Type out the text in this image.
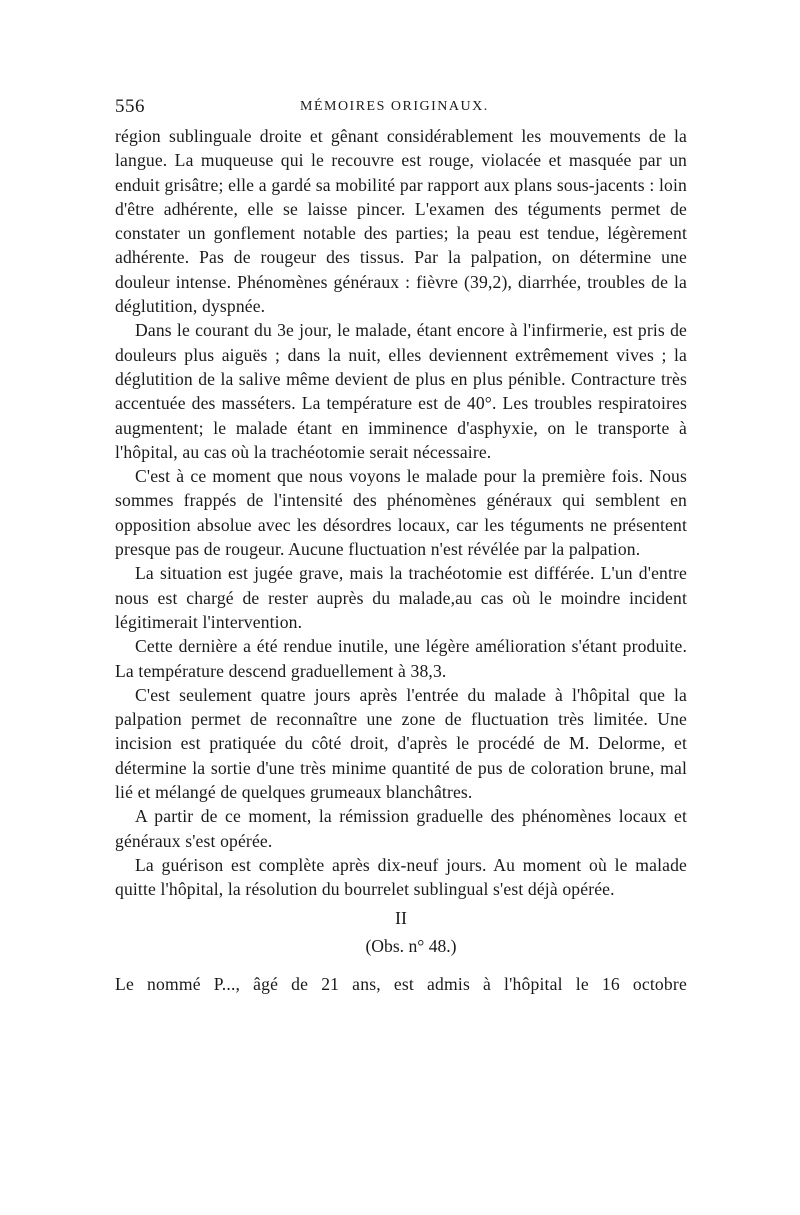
556	MÉMOIRES ORIGINAUX.

région sublinguale droite et gênant considérablement les mouvements de la langue. La muqueuse qui le recouvre est rouge, violacée et masquée par un enduit grisâtre; elle a gardé sa mobilité par rapport aux plans sous-jacents : loin d'être adhérente, elle se laisse pincer. L'examen des téguments permet de constater un gonflement notable des parties; la peau est tendue, légèrement adhérente. Pas de rougeur des tissus. Par la palpation, on détermine une douleur intense. Phénomènes généraux : fièvre (39,2), diarrhée, troubles de la déglutition, dyspnée.

Dans le courant du 3e jour, le malade, étant encore à l'infirmerie, est pris de douleurs plus aiguës ; dans la nuit, elles deviennent extrêmement vives ; la déglutition de la salive même devient de plus en plus pénible. Contracture très accentuée des masséters. La température est de 40°. Les troubles respiratoires augmentent; le malade étant en imminence d'asphyxie, on le transporte à l'hôpital, au cas où la trachéotomie serait nécessaire.

C'est à ce moment que nous voyons le malade pour la première fois. Nous sommes frappés de l'intensité des phénomènes généraux qui semblent en opposition absolue avec les désordres locaux, car les téguments ne présentent presque pas de rougeur. Aucune fluctuation n'est révélée par la palpation.

La situation est jugée grave, mais la trachéotomie est différée. L'un d'entre nous est chargé de rester auprès du malade,au cas où le moindre incident légitimerait l'intervention.

Cette dernière a été rendue inutile, une légère amélioration s'étant produite. La température descend graduellement à 38,3.

C'est seulement quatre jours après l'entrée du malade à l'hôpital que la palpation permet de reconnaître une zone de fluctuation très limitée. Une incision est pratiquée du côté droit, d'après le procédé de M. Delorme, et détermine la sortie d'une très minime quantité de pus de coloration brune, mal lié et mélangé de quelques grumeaux blanchâtres.

A partir de ce moment, la rémission graduelle des phénomènes locaux et généraux s'est opérée.

La guérison est complète après dix-neuf jours. Au moment où le malade quitte l'hôpital, la résolution du bourrelet sublingual s'est déjà opérée.

II
(Obs. n° 48.)
Le nommé P..., âgé de 21 ans, est admis à l'hôpital le 16 octobre
